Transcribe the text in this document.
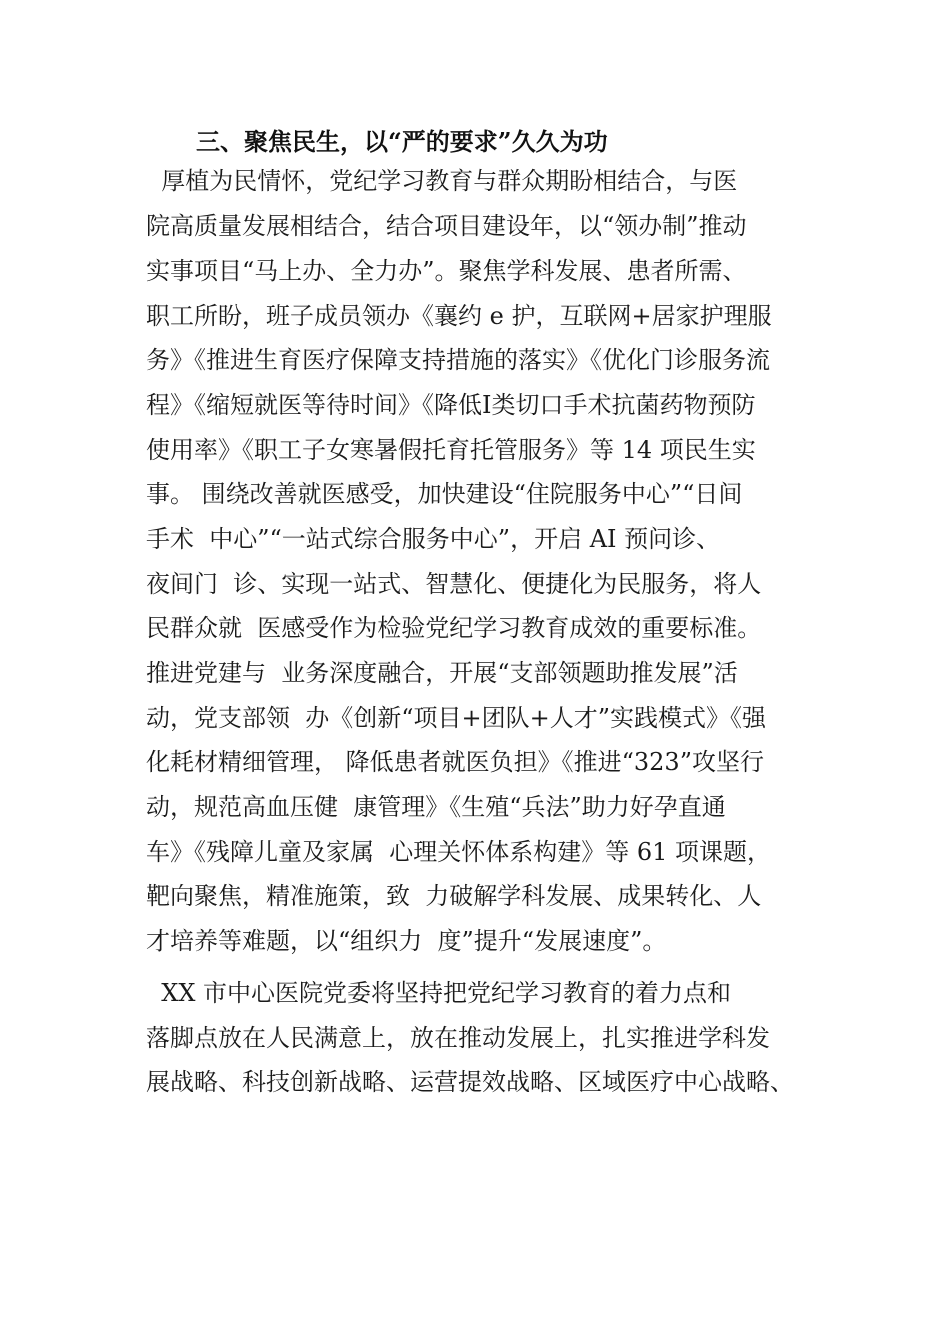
三、聚焦民生，以“严的要求”久久为功
厚植为民情怀，党纪学习教育与群众期盼相结合，与医
院高质量发展相结合，结合项目建设年，以“领办制”推动
实事项目“马上办、全力办”。聚焦学科发展、患者所需、
职工所盼，班子成员领办《襄约 e 护，互联网+居家护理服
务》《推进生育医疗保障支持措施的落实》《优化门诊服务流
程》《缩短就医等待时间》《降低Ⅰ类切口手术抗菌药物预防
使用率》《职工子女寒暑假托育托管服务》等 14 项民生实
事。 围绕改善就医感受，加快建设“住院服务中心”“日间
手术  中心”“一站式综合服务中心”，开启 AI 预问诊、
夜间门  诊、实现一站式、智慧化、便捷化为民服务，将人
民群众就  医感受作为检验党纪学习教育成效的重要标准。
推进党建与  业务深度融合，开展“支部领题助推发展”活
动，党支部领  办《创新“项目+团队+人才”实践模式》《强
化耗材精细管理， 降低患者就医负担》《推进“323”攻坚行
动，规范高血压健  康管理》《生殖“兵法”助力好孕直通
车》《残障儿童及家属  心理关怀体系构建》等 61 项课题，
靶向聚焦，精准施策，致  力破解学科发展、成果转化、人
才培养等难题，以“组织力  度”提升“发展速度”。
XX 市中心医院党委将坚持把党纪学习教育的着力点和
落脚点放在人民满意上，放在推动发展上，扎实推进学科发
展战略、科技创新战略、运营提效战略、区域医疗中心战略、
